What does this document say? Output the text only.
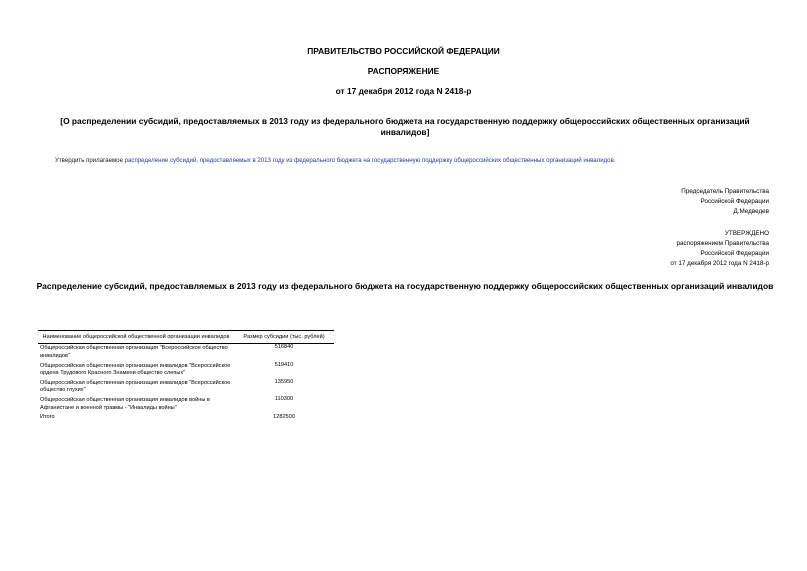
ПРАВИТЕЛЬСТВО РОССИЙСКОЙ ФЕДЕРАЦИИ
РАСПОРЯЖЕНИЕ
от 17 декабря 2012 года N 2418-р
[О распределении субсидий, предоставляемых в 2013 году из федерального бюджета на государственную поддержку общероссийских общественных организаций инвалидов]
Утвердить прилагаемое распределение субсидий, предоставляемых в 2013 году из федерального бюджета на государственную поддержку общероссийских общественных организаций инвалидов.
Председатель Правительства
Российской Федерации
Д.Медведев
УТВЕРЖДЕНО
распоряжением Правительства
Российской Федерации
от 17 декабря 2012 года N 2418-р
Распределение субсидий, предоставляемых в 2013 году из федерального бюджета на государственную поддержку общероссийских общественных организаций инвалидов
Наименование общероссийской общественной организации инвалидов	Размер субсидии (тыс. рублей)
Общероссийская общественная организация "Всероссийское общество инвалидов"	516840
Общероссийская общественная организация инвалидов "Всероссийское ордена Трудового Красного Знамени общество слепых"	519410
Общероссийская общественная организация инвалидов "Всероссийское общество глухих"	135950
Общероссийская общественная организация инвалидов войны в Афганистане и военной травмы - "Инвалиды войны"	110300
Итого	1282500
